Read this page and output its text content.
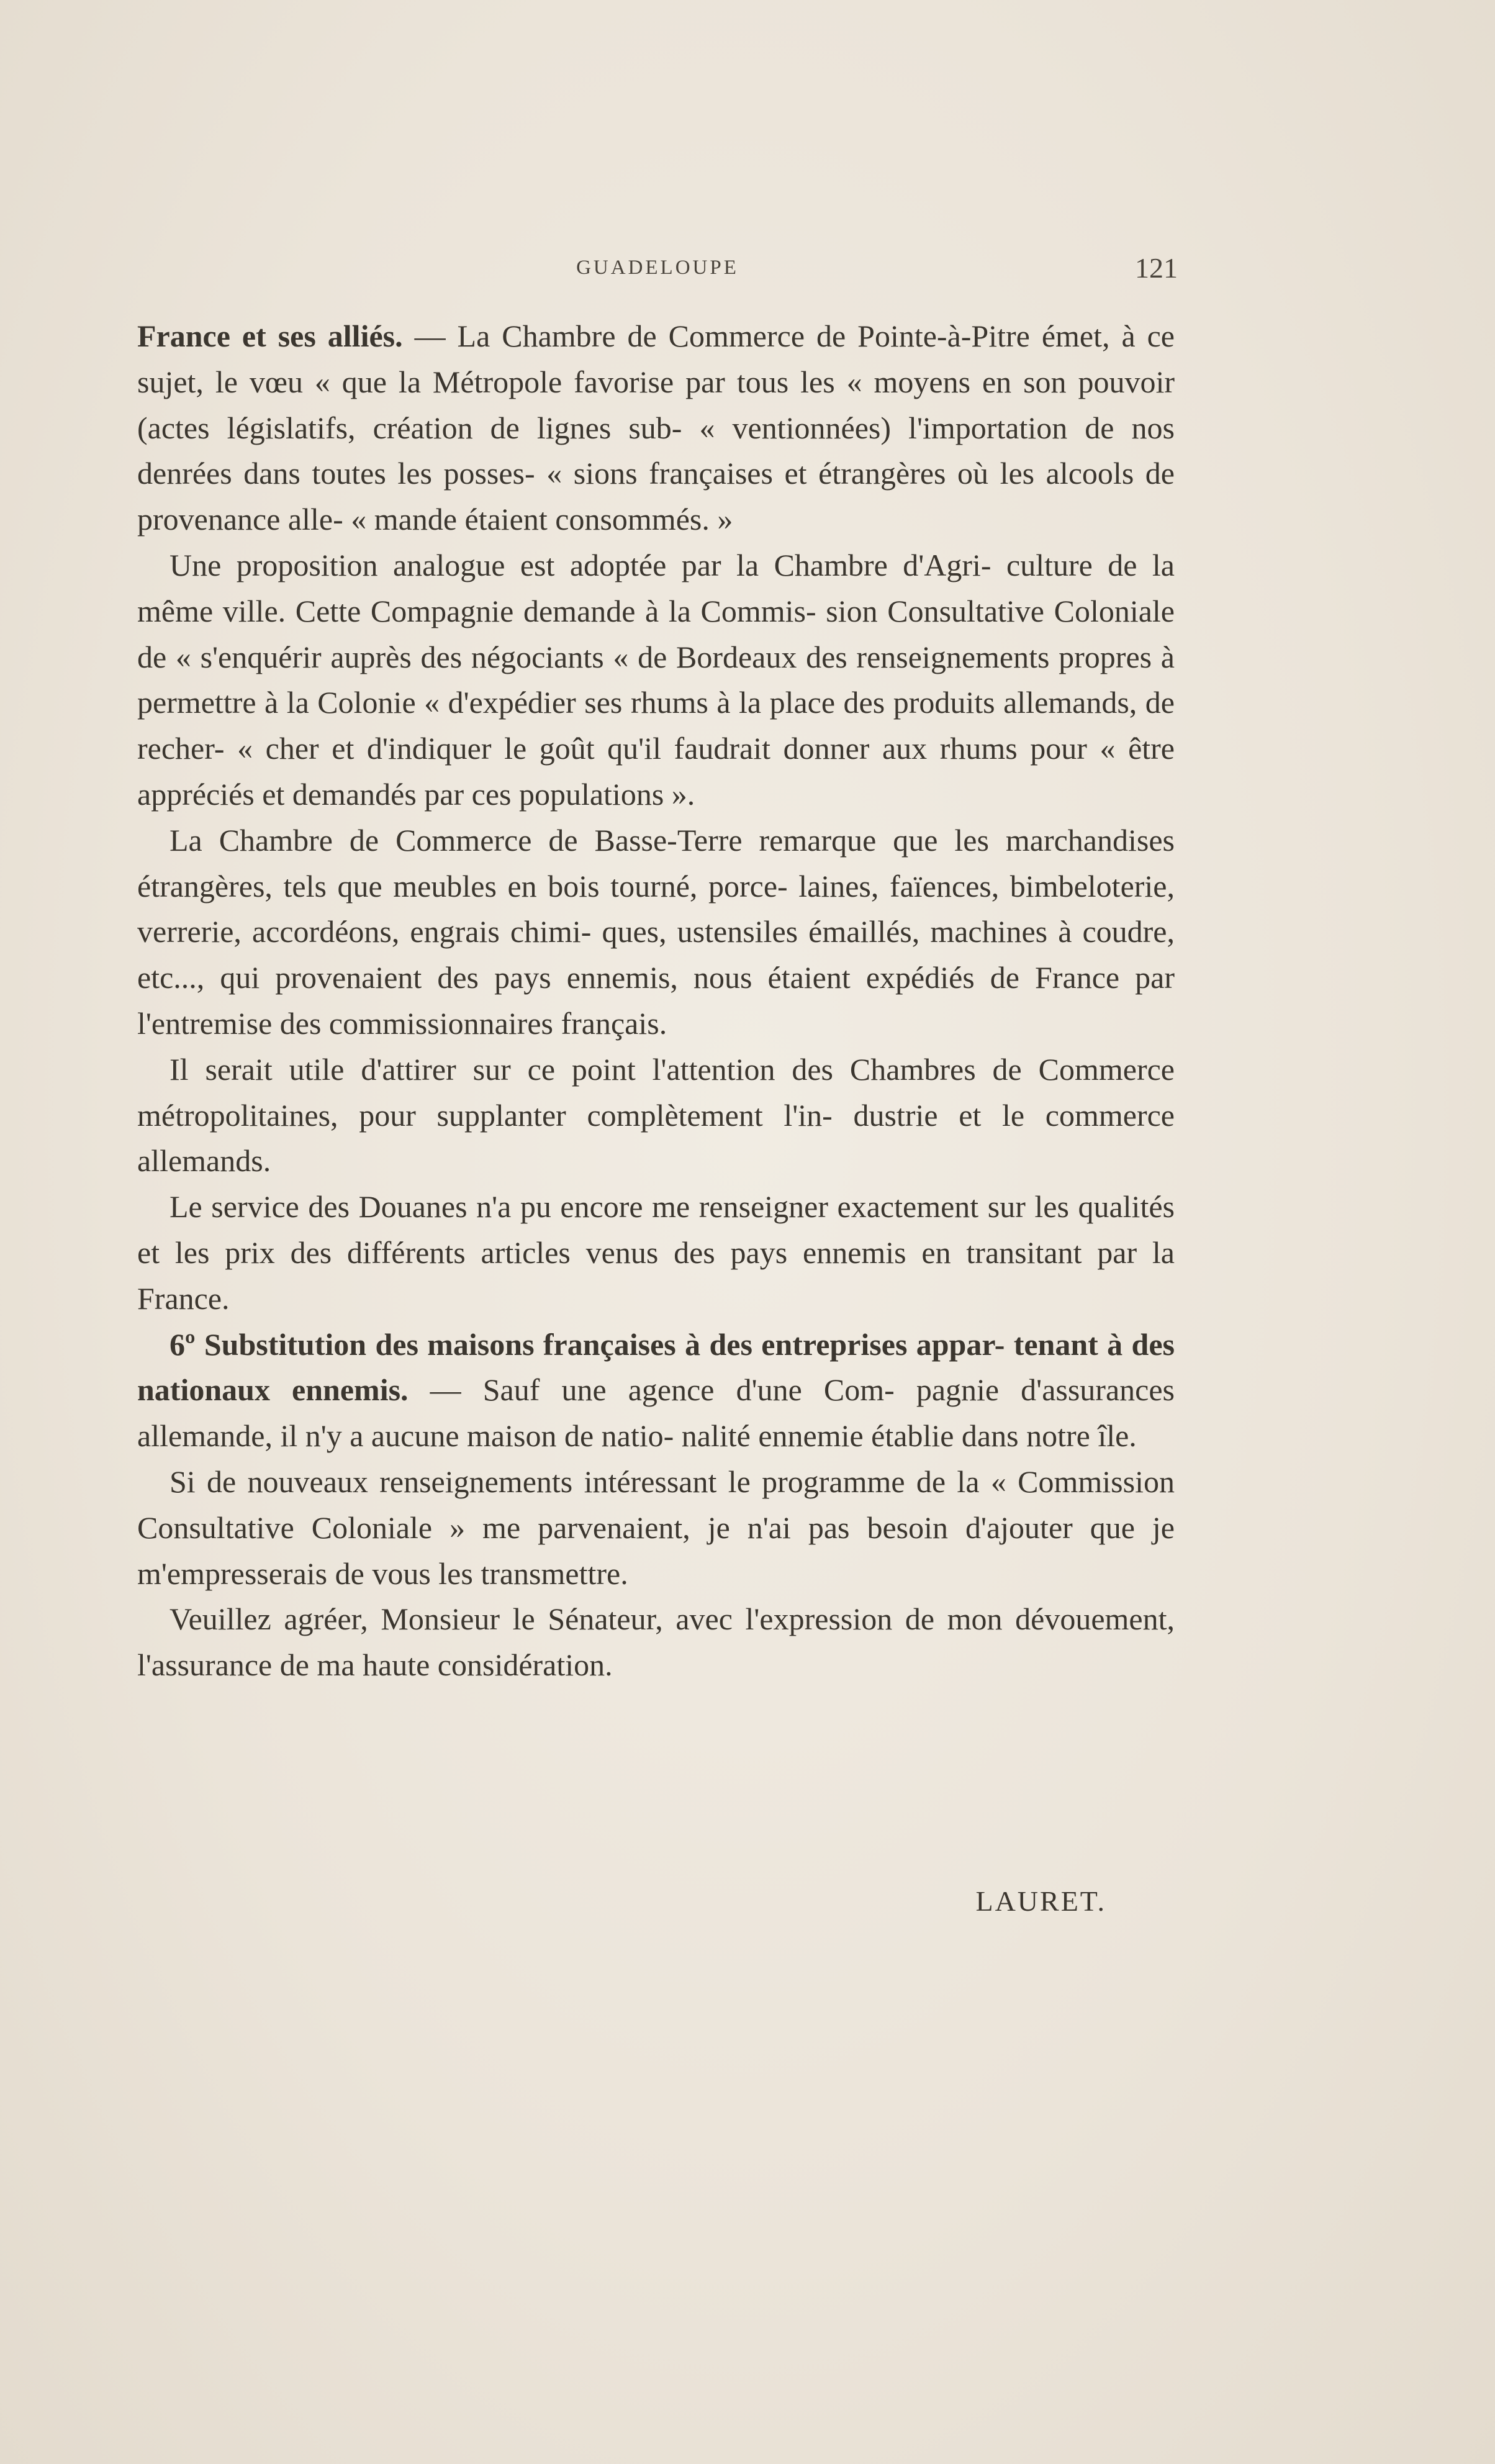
GUADELOUPE	121

France et ses alliés. — La Chambre de Commerce de Pointe-à-Pitre émet, à ce sujet, le vœu « que la Métropole favorise par tous les « moyens en son pouvoir (actes législatifs, création de lignes sub- « ventionnées) l'importation de nos denrées dans toutes les posses- « sions françaises et étrangères où les alcools de provenance alle- « mande étaient consommés. »

Une proposition analogue est adoptée par la Chambre d'Agri- culture de la même ville. Cette Compagnie demande à la Commis- sion Consultative Coloniale de « s'enquérir auprès des négociants « de Bordeaux des renseignements propres à permettre à la Colonie « d'expédier ses rhums à la place des produits allemands, de recher- « cher et d'indiquer le goût qu'il faudrait donner aux rhums pour « être appréciés et demandés par ces populations ».

La Chambre de Commerce de Basse-Terre remarque que les marchandises étrangères, tels que meubles en bois tourné, porce- laines, faïences, bimbeloterie, verrerie, accordéons, engrais chimi- ques, ustensiles émaillés, machines à coudre, etc..., qui provenaient des pays ennemis, nous étaient expédiés de France par l'entremise des commissionnaires français.

Il serait utile d'attirer sur ce point l'attention des Chambres de Commerce métropolitaines, pour supplanter complètement l'in- dustrie et le commerce allemands.

Le service des Douanes n'a pu encore me renseigner exactement sur les qualités et les prix des différents articles venus des pays ennemis en transitant par la France.

6º Substitution des maisons françaises à des entreprises appar- tenant à des nationaux ennemis. — Sauf une agence d'une Com- pagnie d'assurances allemande, il n'y a aucune maison de natio- nalité ennemie établie dans notre île.

Si de nouveaux renseignements intéressant le programme de la « Commission Consultative Coloniale » me parvenaient, je n'ai pas besoin d'ajouter que je m'empresserais de vous les transmettre.

Veuillez agréer, Monsieur le Sénateur, avec l'expression de mon dévouement, l'assurance de ma haute considération.

LAURET.
